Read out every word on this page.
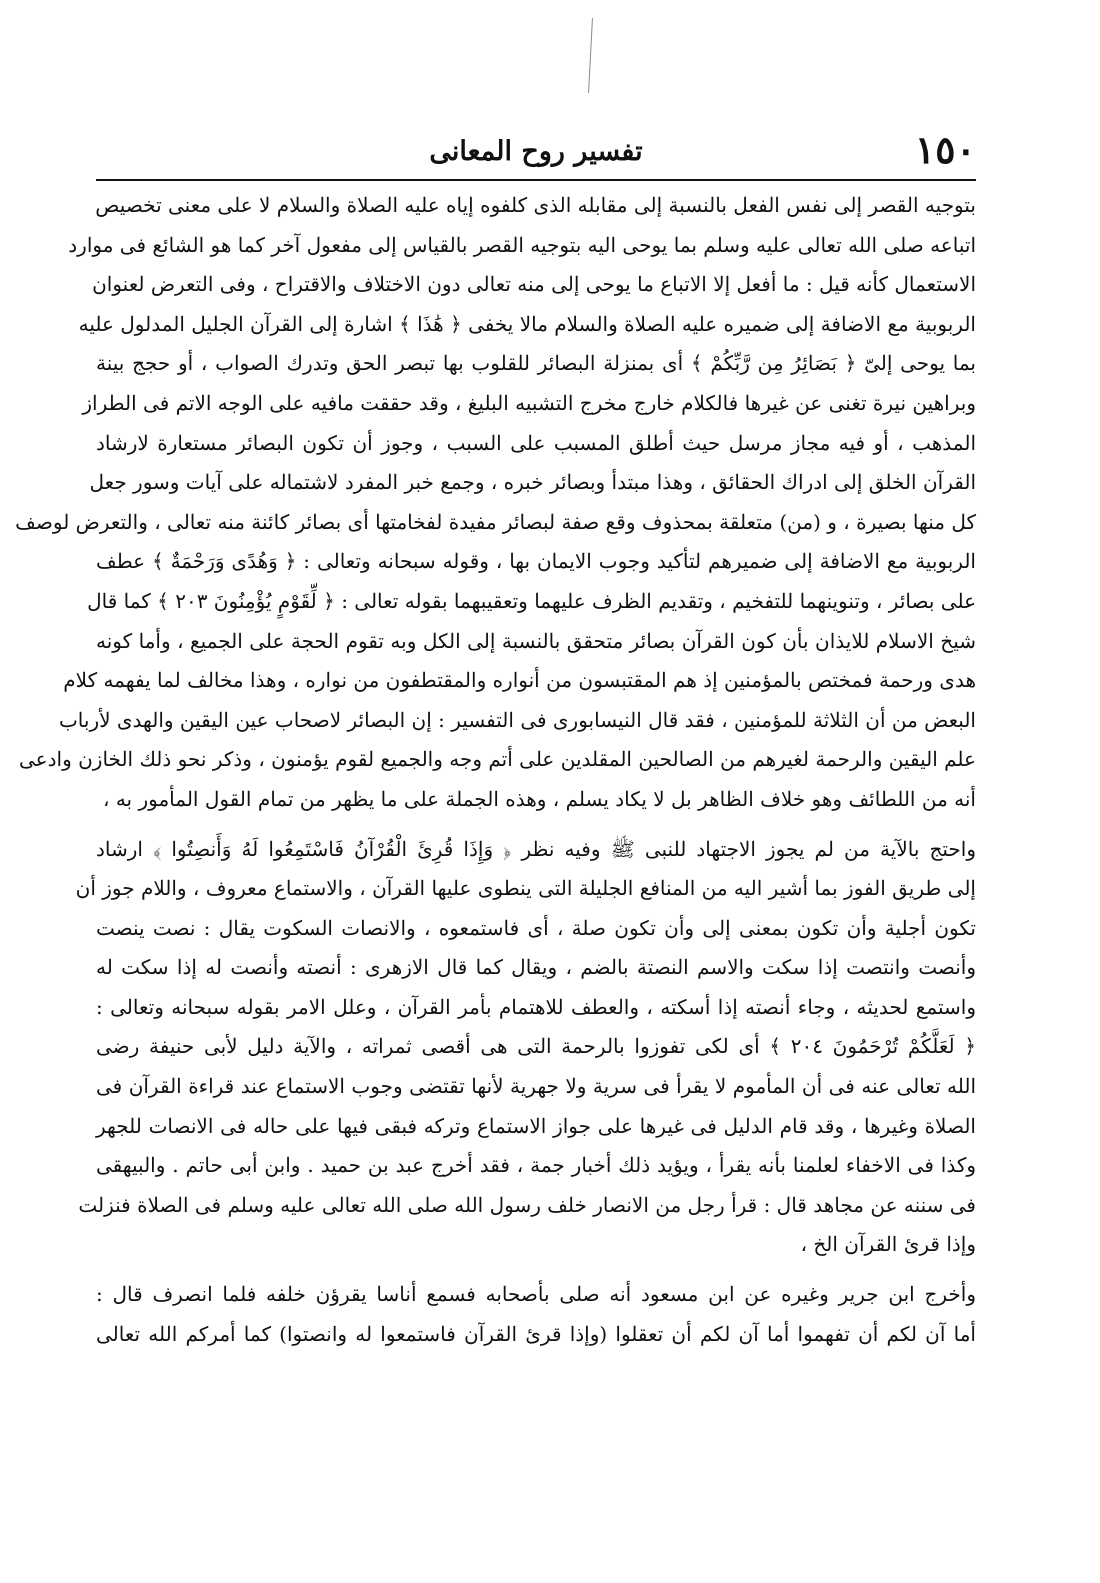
١٥٠
تفسير روح المعانى
بتوجيه القصر إلى نفس الفعل بالنسبة إلى مقابله الذى كلفوه إياه عليه الصلاة والسلام لا على معنى تخصيص
اتباعه صلى الله تعالى عليه وسلم بما يوحى اليه بتوجيه القصر بالقياس إلى مفعول آخر كما هو الشائع فى موارد
الاستعمال كأنه قيل : ما أفعل إلا الاتباع ما يوحى إلى منه تعالى دون الاختلاف والاقتراح ، وفى التعرض لعنوان
الربوبية مع الاضافة إلى ضميره عليه الصلاة والسلام مالا يخفى ﴿ هَٰذَا ﴾ اشارة إلى القرآن الجليل المدلول عليه
بما يوحى إلىّ ﴿ بَصَائِرُ مِن رَّبِّكُمْ ﴾ أى بمنزلة البصائر للقلوب بها تبصر الحق وتدرك الصواب ، أو حجج بينة
وبراهين نيرة تغنى عن غيرها فالكلام خارج مخرج التشبيه البليغ ، وقد حققت مافيه على الوجه الاتم فى الطراز
المذهب ، أو فيه مجاز مرسل حيث أطلق المسبب على السبب ، وجوز أن تكون البصائر مستعارة لارشاد
القرآن الخلق إلى ادراك الحقائق ، وهذا مبتدأ وبصائر خبره ، وجمع خبر المفرد لاشتماله على آيات وسور جعل
كل منها بصيرة ، و (من) متعلقة بمحذوف وقع صفة لبصائر مفيدة لفخامتها أى بصائر كائنة منه تعالى ، والتعرض لوصف
الربوبية مع الاضافة إلى ضميرهم لتأكيد وجوب الايمان بها ، وقوله سبحانه وتعالى : ﴿ وَهُدًى وَرَحْمَةٌ ﴾ عطف
على بصائر ، وتنوينهما للتفخيم ، وتقديم الظرف عليهما وتعقيبهما بقوله تعالى : ﴿ لِّقَوْمٍ يُؤْمِنُونَ ٢٠٣ ﴾ كما قال
شيخ الاسلام للايذان بأن كون القرآن بصائر متحقق بالنسبة إلى الكل وبه تقوم الحجة على الجميع ، وأما كونه
هدى ورحمة فمختص بالمؤمنين إذ هم المقتبسون من أنواره والمقتطفون من نواره ، وهذا مخالف لما يفهمه كلام
البعض من أن الثلاثة للمؤمنين ، فقد قال النيسابورى فى التفسير : إن البصائر لاصحاب عين اليقين والهدى لأرباب
علم اليقين والرحمة لغيرهم من الصالحين المقلدين على أتم وجه والجميع لقوم يؤمنون ، وذكر نحو ذلك الخازن وادعى
أنه من اللطائف وهو خلاف الظاهر بل لا يكاد يسلم ، وهذه الجملة على ما يظهر من تمام القول المأمور به ،
واحتج بالآية من لم يجوز الاجتهاد للنبى ﷺ وفيه نظر ﴿ وَإِذَا قُرِئَ الْقُرْآنُ فَاسْتَمِعُوا لَهُ وَأَنصِتُوا ﴾ ارشاد
إلى طريق الفوز بما أشير اليه من المنافع الجليلة التى ينطوى عليها القرآن ، والاستماع معروف ، واللام جوز أن
تكون أجلية وأن تكون بمعنى إلى وأن تكون صلة ، أى فاستمعوه ، والانصات السكوت يقال : نصت ينصت
وأنصت وانتصت إذا سكت والاسم النصتة بالضم ، ويقال كما قال الازهرى : أنصته وأنصت له إذا سكت له
واستمع لحديثه ، وجاء أنصته إذا أسكته ، والعطف للاهتمام بأمر القرآن ، وعلل الامر بقوله سبحانه وتعالى :
﴿ لَعَلَّكُمْ تُرْحَمُونَ ٢٠٤ ﴾ أى لكى تفوزوا بالرحمة التى هى أقصى ثمراته ، والآية دليل لأبى حنيفة رضى
الله تعالى عنه فى أن المأموم لا يقرأ فى سرية ولا جهرية لأنها تقتضى وجوب الاستماع عند قراءة القرآن فى
الصلاة وغيرها ، وقد قام الدليل فى غيرها على جواز الاستماع وتركه فبقى فيها على حاله فى الانصات للجهر
وكذا فى الاخفاء لعلمنا بأنه يقرأ ، ويؤيد ذلك أخبار جمة ، فقد أخرج عبد بن حميد . وابن أبى حاتم . والبيهقى
فى سننه عن مجاهد قال : قرأ رجل من الانصار خلف رسول الله صلى الله تعالى عليه وسلم فى الصلاة فنزلت
وإذا قرئ القرآن الخ ،
وأخرج ابن جرير وغيره عن ابن مسعود أنه صلى بأصحابه فسمع أناسا يقرؤن خلفه فلما انصرف قال :
أما آن لكم أن تفهموا أما آن لكم أن تعقلوا (وإذا قرئ القرآن فاستمعوا له وانصتوا) كما أمركم الله تعالى
